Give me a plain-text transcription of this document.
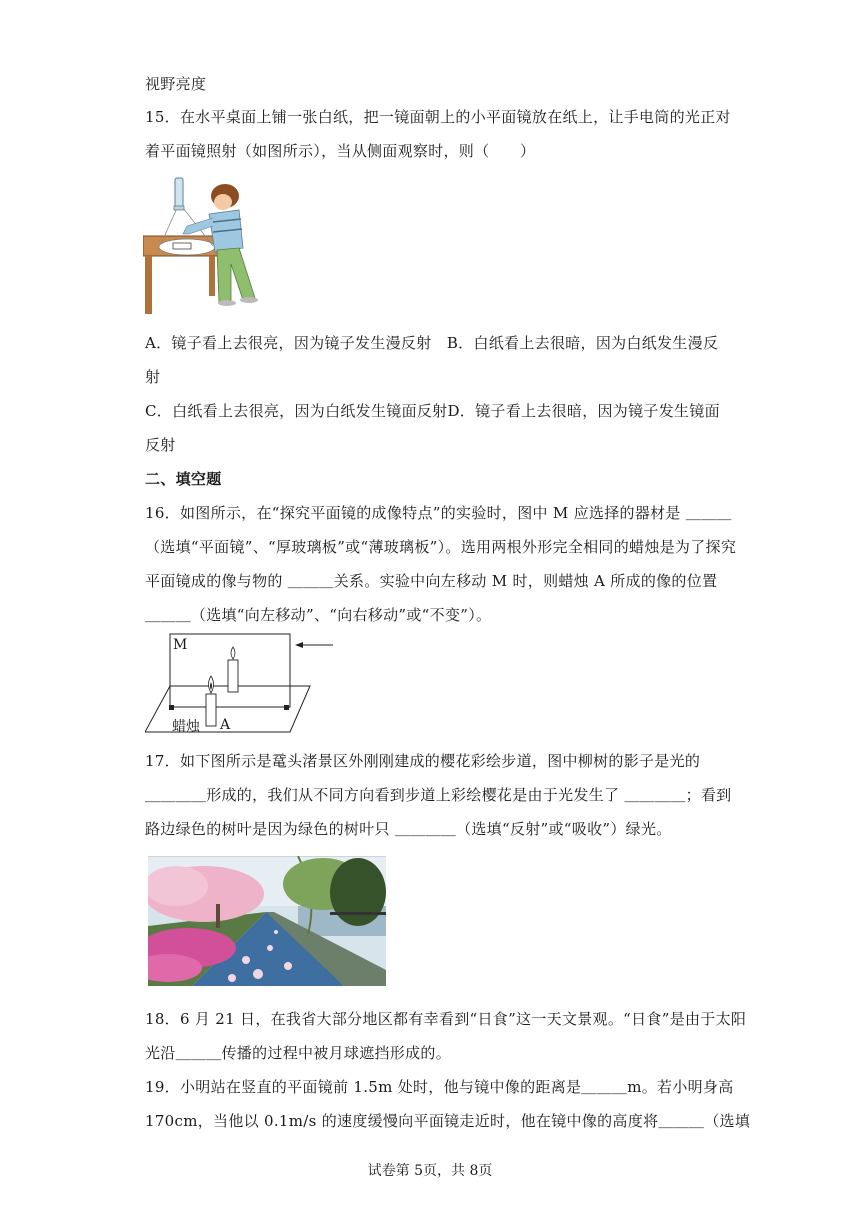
视野亮度
15．在水平桌面上铺一张白纸，把一镜面朝上的小平面镜放在纸上，让手电筒的光正对
着平面镜照射（如图所示），当从侧面观察时，则（　　）
A．镜子看上去很亮，因为镜子发生漫反射　B．白纸看上去很暗，因为白纸发生漫反
射
C．白纸看上去很亮，因为白纸发生镜面反射D．镜子看上去很暗，因为镜子发生镜面
反射
二、填空题
16．如图所示，在“探究平面镜的成像特点”的实验时，图中 M 应选择的器材是 ＿＿＿
（选填“平面镜”、“厚玻璃板”或“薄玻璃板”）。选用两根外形完全相同的蜡烛是为了探究
平面镜成的像与物的 ＿＿＿关系。实验中向左移动 M 时，则蜡烛 A 所成的像的位置
＿＿＿（选填“向左移动”、“向右移动”或“不变”）。
M
蜡烛 A
17．如下图所示是鼋头渚景区外刚刚建成的樱花彩绘步道，图中柳树的影子是光的
＿＿＿＿形成的，我们从不同方向看到步道上彩绘樱花是由于光发生了 ＿＿＿＿；看到
路边绿色的树叶是因为绿色的树叶只 ＿＿＿＿（选填“反射”或“吸收”）绿光。
18．6 月 21 日，在我省大部分地区都有幸看到“日食”这一天文景观。“日食”是由于太阳
光沿＿＿＿传播的过程中被月球遮挡形成的。
19．小明站在竖直的平面镜前 1.5m 处时，他与镜中像的距离是＿＿＿m。若小明身高
170cm，当他以 0.1m/s 的速度缓慢向平面镜走近时，他在镜中像的高度将＿＿＿（选填
试卷第 5页，共 8页
